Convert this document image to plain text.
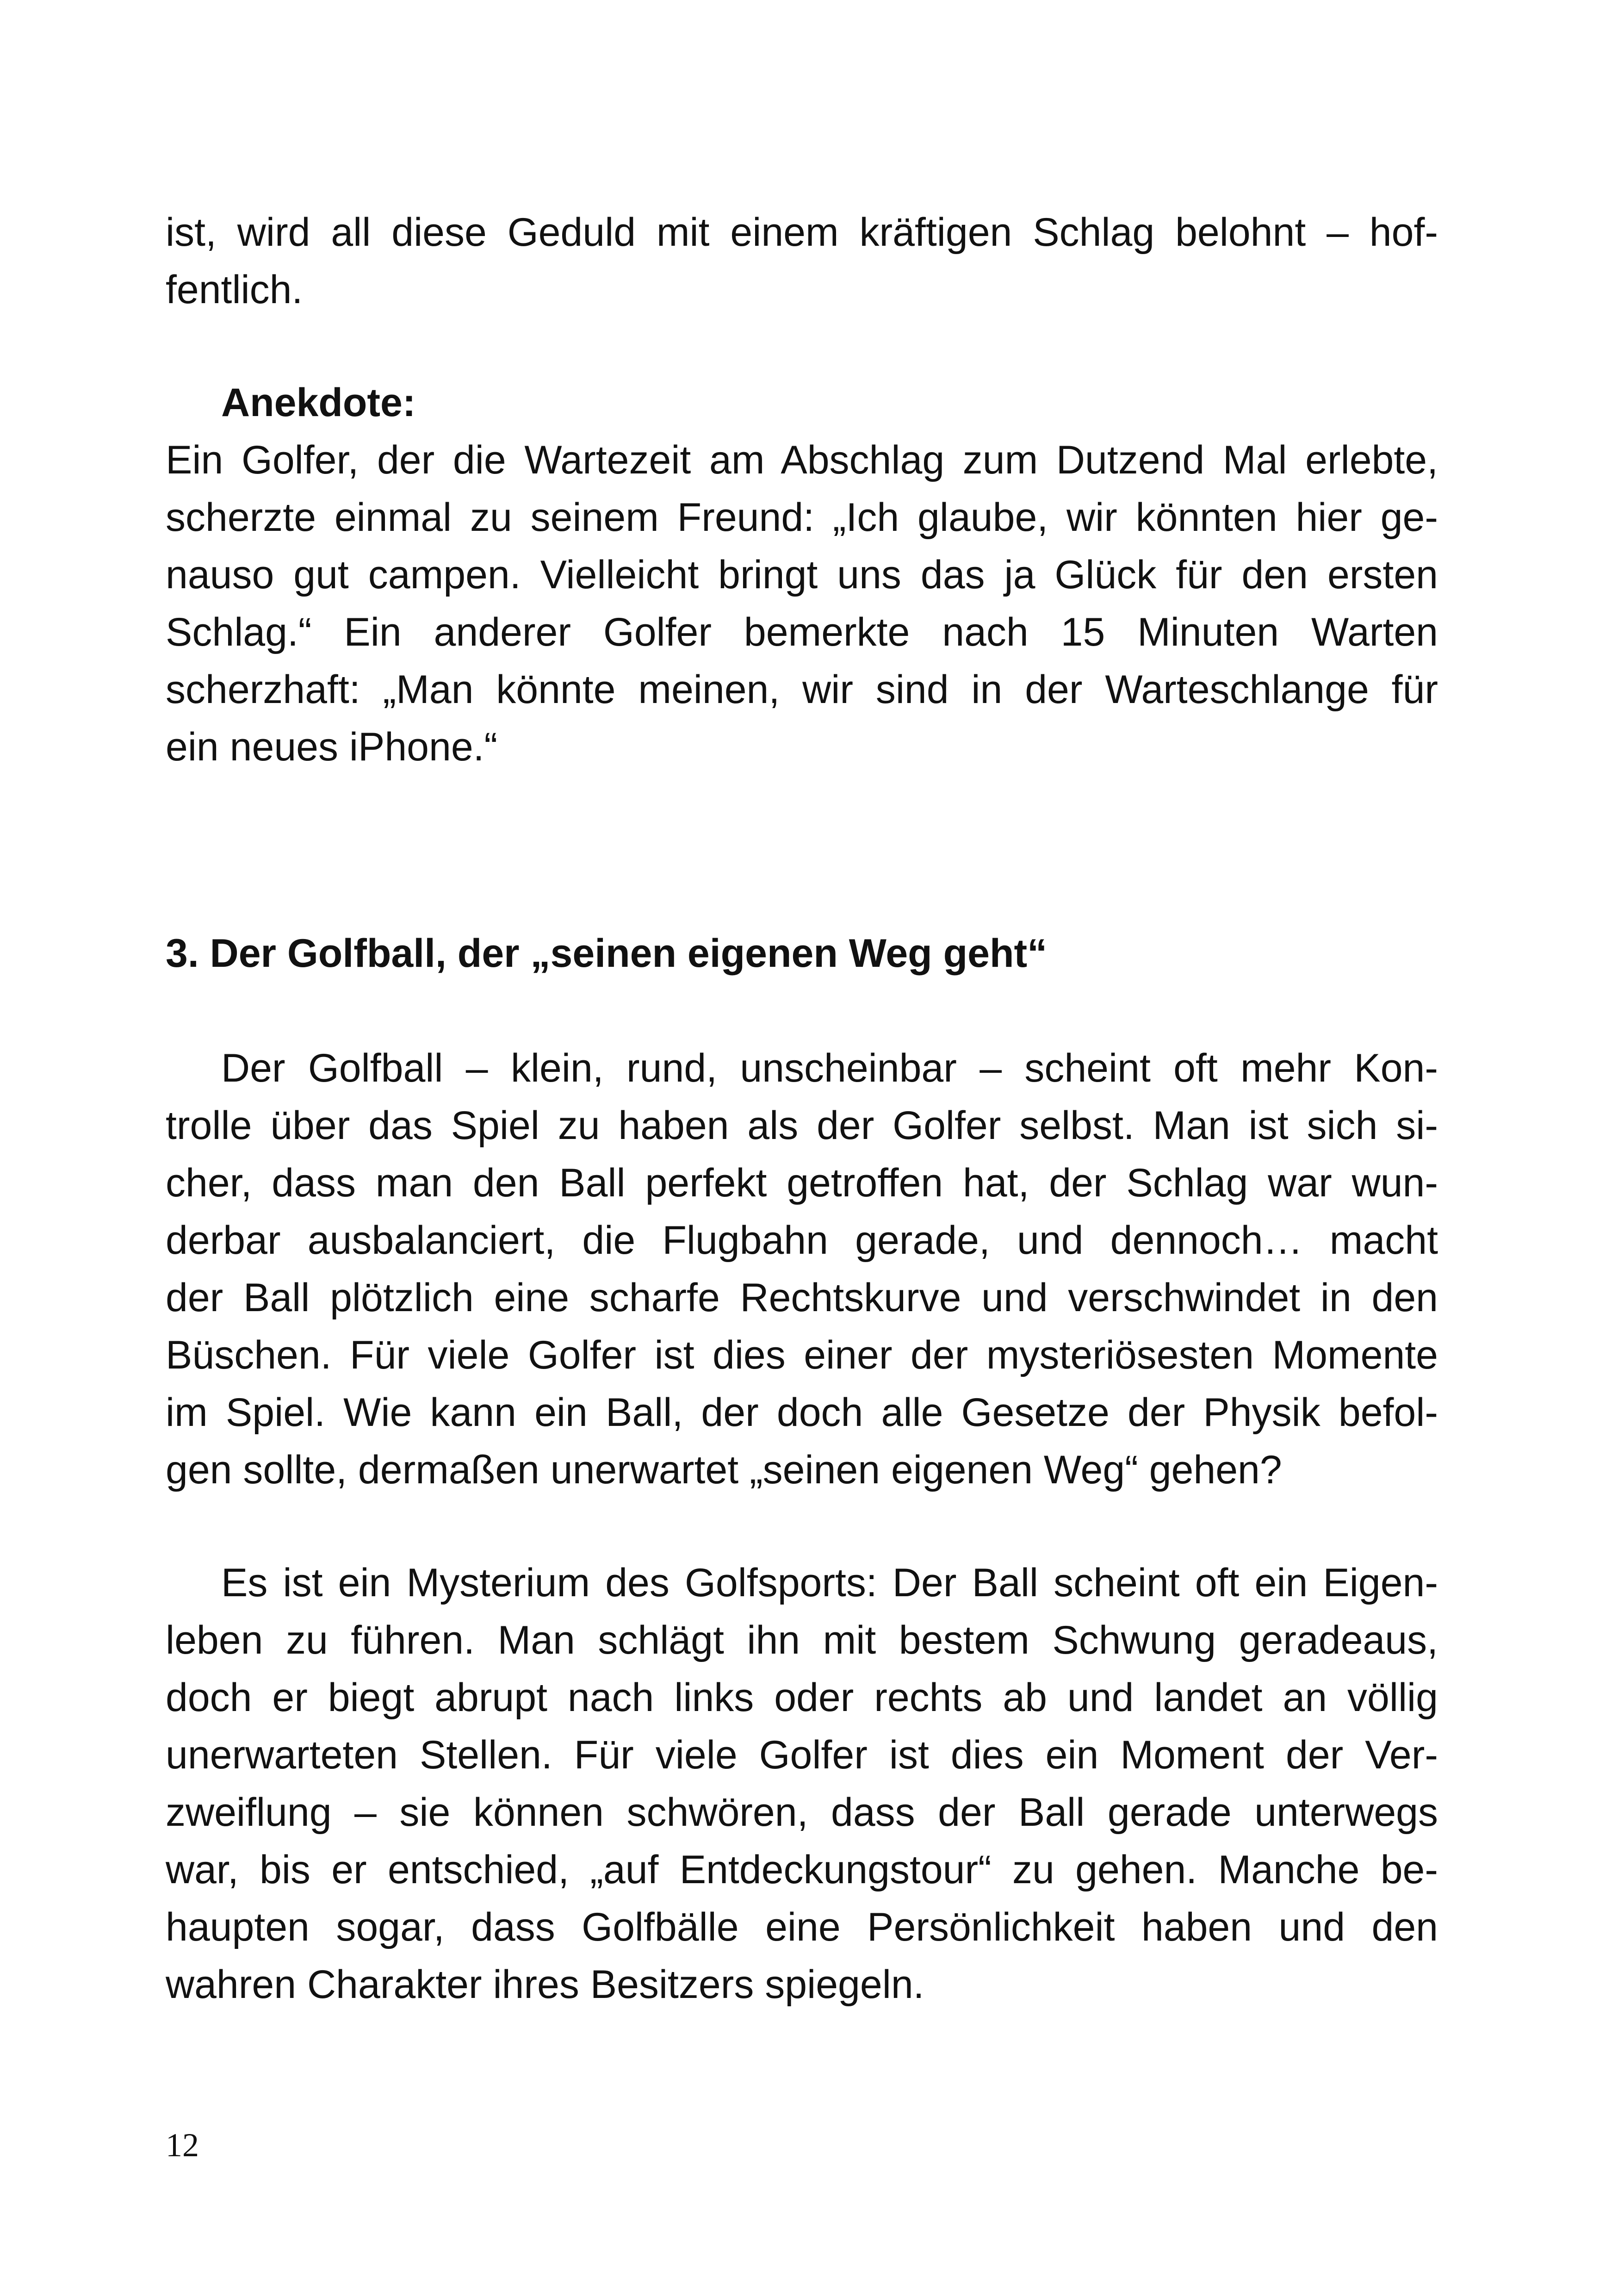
ist, wird all diese Geduld mit einem kräftigen Schlag belohnt – hof-

fentlich.

Anekdote:

Ein Golfer, der die Wartezeit am Abschlag zum Dutzend Mal erlebte,

scherzte einmal zu seinem Freund: „Ich glaube, wir könnten hier ge-

nauso gut campen. Vielleicht bringt uns das ja Glück für den ersten

Schlag.“ Ein anderer Golfer bemerkte nach 15 Minuten Warten

scherzhaft: „Man könnte meinen, wir sind in der Warteschlange für

ein neues iPhone.“

3. Der Golfball, der „seinen eigenen Weg geht“

Der Golfball – klein, rund, unscheinbar – scheint oft mehr Kon-

trolle über das Spiel zu haben als der Golfer selbst. Man ist sich si-

cher, dass man den Ball perfekt getroffen hat, der Schlag war wun-

derbar ausbalanciert, die Flugbahn gerade, und dennoch… macht

der Ball plötzlich eine scharfe Rechtskurve und verschwindet in den

Büschen. Für viele Golfer ist dies einer der mysteriösesten Momente

im Spiel. Wie kann ein Ball, der doch alle Gesetze der Physik befol-

gen sollte, dermaßen unerwartet „seinen eigenen Weg“ gehen?

Es ist ein Mysterium des Golfsports: Der Ball scheint oft ein Eigen-

leben zu führen. Man schlägt ihn mit bestem Schwung geradeaus,

doch er biegt abrupt nach links oder rechts ab und landet an völlig

unerwarteten Stellen. Für viele Golfer ist dies ein Moment der Ver-

zweiflung – sie können schwören, dass der Ball gerade unterwegs

war, bis er entschied, „auf Entdeckungstour“ zu gehen. Manche be-

haupten sogar, dass Golfbälle eine Persönlichkeit haben und den

wahren Charakter ihres Besitzers spiegeln.

12
